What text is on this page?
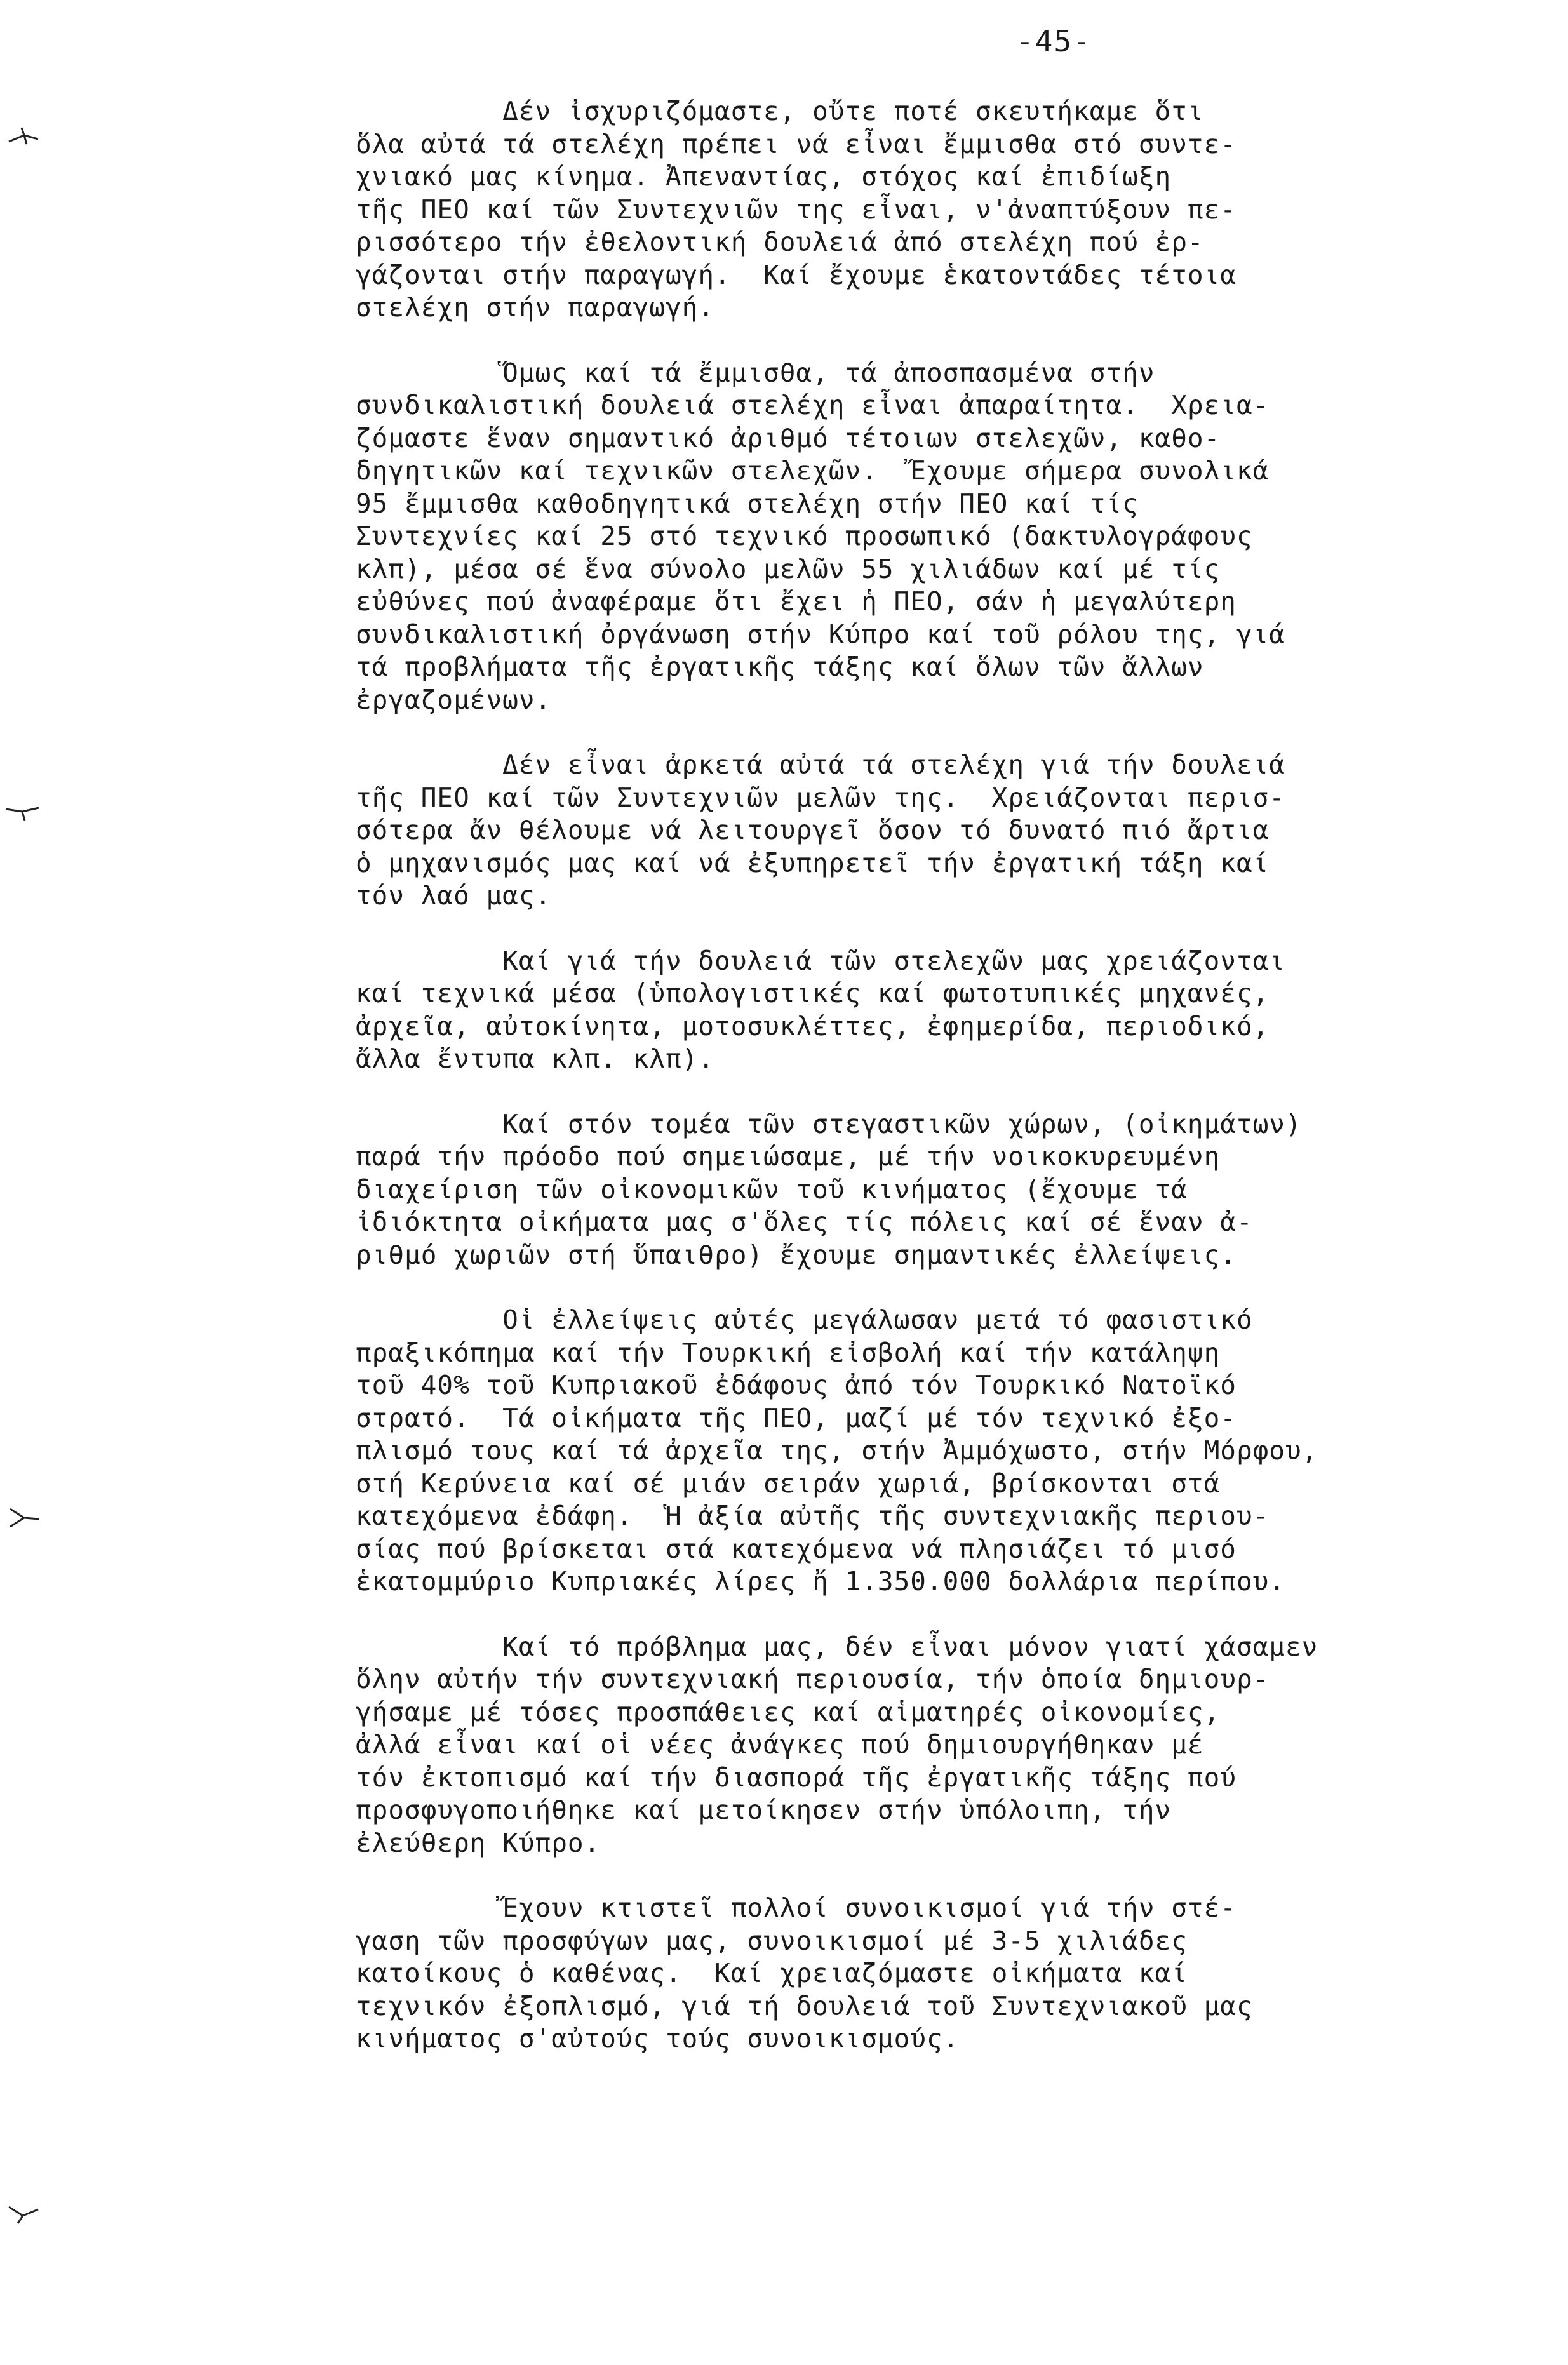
-45-

Δέν ἰσχυριζόμαστε, οὔτε ποτέ σκευτήκαμε ὅτι
ὅλα αὐτά τά στελέχη πρέπει νά εἶναι ἔμμισθα στό συντε-
χνιακό μας κίνημα. Ἀπεναντίας, στόχος καί ἐπιδίωξη
τῆς ΠΕΟ καί τῶν Συντεχνιῶν της εἶναι, ν'ἀναπτύξουν πε-
ρισσότερο τήν ἐθελοντική δουλειά ἀπό στελέχη πού ἐρ-
γάζονται στήν παραγωγή.  Καί ἔχουμε ἑκατοντάδες τέτοια
στελέχη στήν παραγωγή.

Ὅμως καί τά ἔμμισθα, τά ἀποσπασμένα στήν
συνδικαλιστική δουλειά στελέχη εἶναι ἀπαραίτητα.  Χρεια-
ζόμαστε ἕναν σημαντικό ἀριθμό τέτοιων στελεχῶν, καθο-
δηγητικῶν καί τεχνικῶν στελεχῶν.  Ἔχουμε σήμερα συνολικά
95 ἔμμισθα καθοδηγητικά στελέχη στήν ΠΕΟ καί τίς
Συντεχνίες καί 25 στό τεχνικό προσωπικό (δακτυλογράφους
κλπ), μέσα σέ ἕνα σύνολο μελῶν 55 χιλιάδων καί μέ τίς
εὐθύνες πού ἀναφέραμε ὅτι ἔχει ἡ ΠΕΟ, σάν ἡ μεγαλύτερη
συνδικαλιστική ὀργάνωση στήν Κύπρο καί τοῦ ρόλου της, γιά
τά προβλήματα τῆς ἐργατικῆς τάξης καί ὅλων τῶν ἄλλων
ἐργαζομένων.

Δέν εἶναι ἀρκετά αὐτά τά στελέχη γιά τήν δουλειά
τῆς ΠΕΟ καί τῶν Συντεχνιῶν μελῶν της.  Χρειάζονται περισ-
σότερα ἄν θέλουμε νά λειτουργεῖ ὅσον τό δυνατό πιό ἄρτια
ὁ μηχανισμός μας καί νά ἐξυπηρετεῖ τήν ἐργατική τάξη καί
τόν λαό μας.

Καί γιά τήν δουλειά τῶν στελεχῶν μας χρειάζονται
καί τεχνικά μέσα (ὑπολογιστικές καί φωτοτυπικές μηχανές,
ἀρχεῖα, αὐτοκίνητα, μοτοσυκλέττες, ἐφημερίδα, περιοδικό,
ἄλλα ἔντυπα κλπ. κλπ).

Καί στόν τομέα τῶν στεγαστικῶν χώρων, (οἰκημάτων)
παρά τήν πρόοδο πού σημειώσαμε, μέ τήν νοικοκυρευμένη
διαχείριση τῶν οἰκονομικῶν τοῦ κινήματος (ἔχουμε τά
ἰδιόκτητα οἰκήματα μας σ'ὅλες τίς πόλεις καί σέ ἕναν ἀ-
ριθμό χωριῶν στή ὕπαιθρο) ἔχουμε σημαντικές ἐλλείψεις.

Οἱ ἐλλείψεις αὐτές μεγάλωσαν μετά τό φασιστικό
πραξικόπημα καί τήν Τουρκική εἰσβολή καί τήν κατάληψη
τοῦ 40% τοῦ Κυπριακοῦ ἐδάφους ἀπό τόν Τουρκικό Νατοϊκό
στρατό.  Τά οἰκήματα τῆς ΠΕΟ, μαζί μέ τόν τεχνικό ἐξο-
πλισμό τους καί τά ἀρχεῖα της, στήν Ἀμμόχωστο, στήν Μόρφου,
στή Κερύνεια καί σέ μιάν σειράν χωριά, βρίσκονται στά
κατεχόμενα ἐδάφη.  Ἡ ἀξία αὐτῆς τῆς συντεχνιακῆς περιου-
σίας πού βρίσκεται στά κατεχόμενα νά πλησιάζει τό μισό
ἑκατομμύριο Κυπριακές λίρες ἤ 1.350.000 δολλάρια περίπου.

Καί τό πρόβλημα μας, δέν εἶναι μόνον γιατί χάσαμεν
ὅλην αὐτήν τήν συντεχνιακή περιουσία, τήν ὁποία δημιουρ-
γήσαμε μέ τόσες προσπάθειες καί αἱματηρές οἰκονομίες,
ἀλλά εἶναι καί οἱ νέες ἀνάγκες πού δημιουργήθηκαν μέ
τόν ἐκτοπισμό καί τήν διασπορά τῆς ἐργατικῆς τάξης πού
προσφυγοποιήθηκε καί μετοίκησεν στήν ὑπόλοιπη, τήν
ἐλεύθερη Κύπρο.

Ἔχουν κτιστεῖ πολλοί συνοικισμοί γιά τήν στέ-
γαση τῶν προσφύγων μας, συνοικισμοί μέ 3-5 χιλιάδες
κατοίκους ὁ καθένας.  Καί χρειαζόμαστε οἰκήματα καί
τεχνικόν ἐξοπλισμό, γιά τή δουλειά τοῦ Συντεχνιακοῦ μας
κινήματος σ'αὐτούς τούς συνοικισμούς.
